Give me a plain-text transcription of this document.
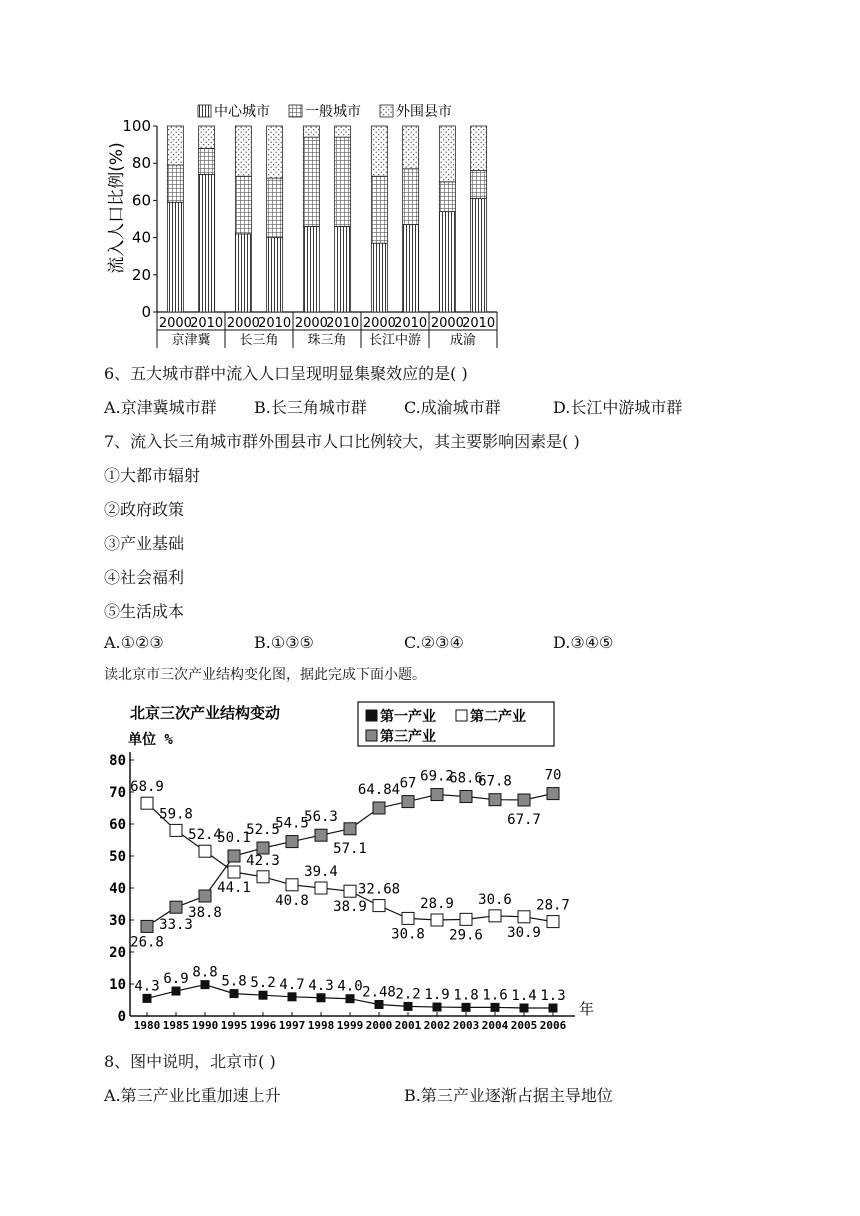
中心城市	一般城市	外围县市
0
20
40
60
80
100
2000
2010 2000
2010 2000
2010 2000
2010 2000
2010
京津冀 长三角 珠三角 长江中游 成渝
流入人口比例(%)
6、五大城市群中流入人口呈现明显集聚效应的是( )
A.京津冀城市群 B.长三角城市群 C.成渝城市群	D.长江中游城市群
7、流入长三角城市群外围县市人口比例较大，其主要影响因素是( )
①大都市辐射
②政府政策
③产业基础
④社会福利
⑤生活成本
A.①②③	B.①③⑤	C.②③④	D.③④⑤
读北京市三次产业结构变化图，据此完成下面小题。
北京三次产业结构变动
单位 %
第一产业 第二产业
第三产业
0
10
20
30
40
50
60
70
80
1980 1985 1990 1995 1996 1997 1998 1999 2000 2001 2002 2003 2004 2005 2006
年
4.3 6.9 8.8
5.8 5.2 4.7 4.3 4.0 2.48 2.2 1.9 1.8 1.6 1.4 1.3
68.9
59.8
52.4
44.1
42.3
40.8
39.4
38.9
32.68
30.8
28.9
29.6
30.6
30.9
28.7
26.8
33.3
38.8
50.1
52.5
54.5
56.3
57.1
64.84 67 69.2
68.6
67.8
67.7
70
8、图中说明，北京市( )
A.第三产业比重加速上升	B.第三产业逐渐占据主导地位
